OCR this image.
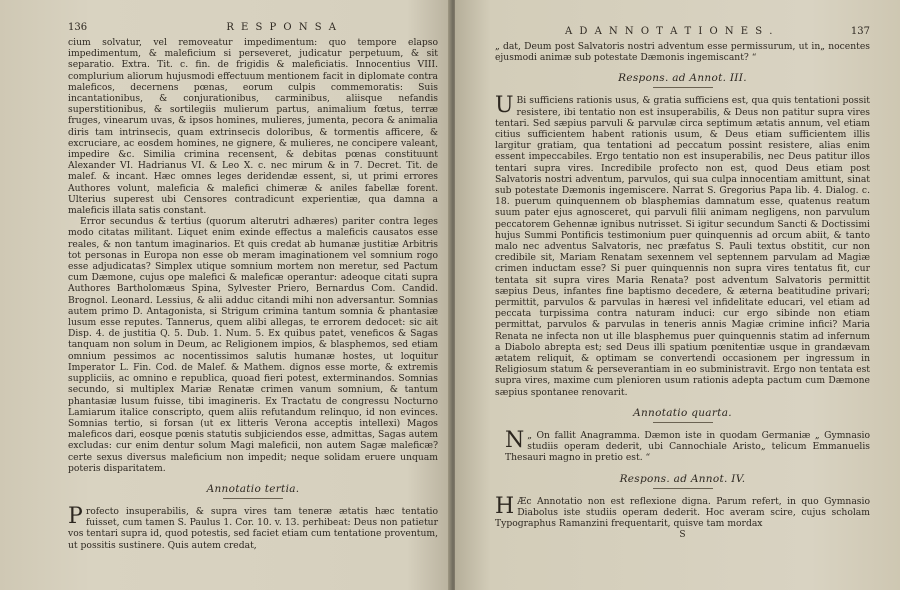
136	R E S P O N S A

cium solvatur, vel removeatur impedimentum: quo tempore elapso impedimentum, & maleficium si perseveret, judicatur perpetuum, & sit separatio. Extra. Tit. c. fin. de frigidis & maleficiatis. Innocentius VIII. complurium aliorum hujusmodi effectuum mentionem facit in diplomate contra maleficos, decernens pœnas, eorum culpis commemoratis: Suis incantationibus, & conjurationibus, carminibus, aliisque nefandis superstitionibus, & sortilegiis mulierum partus, animalium fœtus, terræ fruges, vinearum uvas, & ipsos homines, mulieres, jumenta, pecora & animalia diris tam intrinsecis, quam extrinsecis doloribus, & tormentis afficere, & excruciare, ac eosdem homines, ne gignere, & mulieres, ne concipere valeant, impedire &c. Similia crimina recensent, & debitas pœnas constituunt Alexander VI. Hadrianus VI. & Leo X. c. nec mirum & in 7. Decret. Tit. de malef. & incant. Hæc omnes leges deridendæ essent, si, ut primi errores Authores volunt, maleficia & malefici chimeræ & aniles fabellæ forent. Ulterius superest ubi Censores contradicunt experientiæ, qua damna a maleficis illata satis constant.

Error secundus & tertius (quorum alterutri adhæres) pariter contra leges modo citatas militant. Liquet enim exinde effectus a maleficis causatos esse reales, & non tantum imaginarios. Et quis credat ab humanæ justitiæ Arbitris tot personas in Europa non esse ob meram imaginationem vel somnium rogo esse adjudicatas? Simplex utique somnium mortem non meretur, sed Pactum cum Dæmone, cujus ope malefici & maleficæ operantur: adeoque citati supra Authores Bartholomæus Spina, Sylvester Priero, Bernardus Com. Candid. Brognol. Leonard. Lessius, & alii adduc citandi mihi non adversantur. Somnias autem primo D. Antagonista, si Strigum crimina tantum somnia & phantasiæ lusum esse reputes. Tannerus, quem alibi allegas, te errorem dedocet: sic ait Disp. 4. de justitia Q. 5. Dub. 1. Num. 5. Ex quibus patet, veneficos & Sagas tanquam non solum in Deum, ac Religionem impios, & blasphemos, sed etiam omnium pessimos ac nocentissimos salutis humanæ hostes, ut loquitur Imperator L. Fin. Cod. de Malef. & Mathem. dignos esse morte, & extremis suppliciis, ac omnino e republica, quoad fieri potest, exterminandos. Somnias secundo, si multiplex Mariæ Renatæ crimen vanum somnium, & tantum phantasiæ lusum fuisse, tibi imagineris. Ex Tractatu de congressu Nocturno Lamiarum italice conscripto, quem aliis refutandum relinquo, id non evinces. Somnias tertio, si forsan (ut ex litteris Verona acceptis intellexi) Magos maleficos dari, eosque pœnis statutis subjiciendos esse, admittas, Sagas autem excludas: cur enim dentur solum Magi maleficii, non autem Sagæ maleficæ? certe sexus diversus maleficium non impedit; neque solidam eruere unquam poteris disparitatem.

Annotatio tertia.

Profecto insuperabilis, & supra vires tam teneræ ætatis hæc tentatio fuisset, cum tamen S. Paulus 1. Cor. 10. v. 13. perhibeat: Deus non patietur vos tentari supra id, quod potestis, sed faciet etiam cum tentatione proventum, ut possitis sustinere. Quis autem credat,

A D A N N O T A T I O N E S .	137

„ dat, Deum post Salvatoris nostri adventum esse permissurum, ut in„ nocentes ejusmodi animæ sub potestate Dæmonis ingemiscant? “

Respons. ad Annot. III.

U Bi sufficiens rationis usus, & gratia sufficiens est, qua quis tentationi possit resistere, ibi tentatio non est insuperabilis, & Deus non patitur supra vires tentari. Sed sæpius parvuli & parvulæ circa septimum ætatis annum, vel etiam citius sufficientem habent rationis usum, & Deus etiam sufficientem illis largitur gratiam, qua tentationi ad peccatum possint resistere, alias enim essent impeccabiles. Ergo tentatio non est insuperabilis, nec Deus patitur illos tentari supra vires. Incredibile profecto non est, quod Deus etiam post Salvatoris nostri adventum, parvulos, qui sua culpa innocentiam amittunt, sinat sub potestate Dæmonis ingemiscere. Narrat S. Gregorius Papa lib. 4. Dialog. c. 18. puerum quinquennem ob blasphemias damnatum esse, quatenus reatum suum pater ejus agnosceret, qui parvuli filii animam negligens, non parvulum peccatorem Gehennæ ignibus nutrisset. Si igitur secundum Sancti & Doctissimi hujus Summi Pontificis testimonium puer quinquennis ad orcum abiit, & tanto malo nec adventus Salvatoris, nec præfatus S. Pauli textus obstitit, cur non credibile sit, Mariam Renatam sexennem vel septennem parvulam ad Magiæ crimen inductam esse? Si puer quinquennis non supra vires tentatus fit, cur tentata sit supra vires Maria Renata? post adventum Salvatoris permittit sæpius Deus, infantes fine baptismo decedere, & æterna beatitudine privari; permittit, parvulos & parvulas in hæresi vel infidelitate educari, vel etiam ad peccata turpissima contra naturam induci: cur ergo sibinde non etiam permittat, parvulos & parvulas in teneris annis Magiæ crimine infici? Maria Renata ne infecta non ut ille blasphemus puer quinquennis statim ad infernum a Diabolo abrepta est; sed Deus illi spatium pœnitentiæ usque in grandævam ætatem reliquit, & optimam se convertendi occasionem per ingressum in Religiosum statum & perseverantiam in eo subministravit. Ergo non tentata est supra vires, maxime cum plenioren usum rationis adepta pactum cum Dæmone sæpius spontanee renovarit.

Annotatio quarta.

N „ On fallit Anagramma. Dæmon iste in quodam Germaniæ „ Gymnasio studiis operam dederit, ubi Cannochiale Aristo„ telicum Emmanuelis Thesauri magno in pretio est. “

Respons. ad Annot. IV.

H Æc Annotatio non est reflexione digna. Parum refert, in quo Gymnasio Diabolus iste studiis operam dederit. Hoc averam scire, cujus scholam Typographus Ramanzini frequentarit, quisve tam mordax

S
